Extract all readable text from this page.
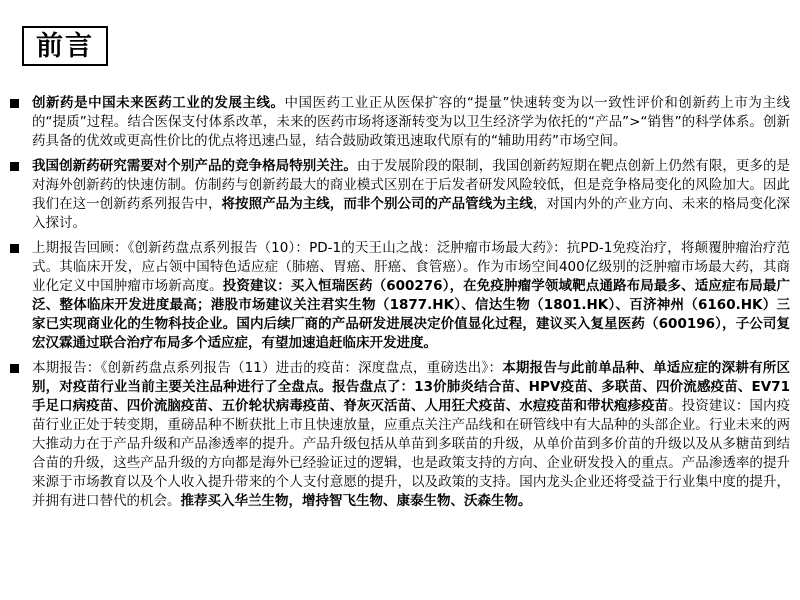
前言

创新药是中国未来医药工业的发展主线。中国医药工业正从医保扩容的“提量”快速转变为以一致性评价和创新药上市为主线的“提质”过程。结合医保支付体系改革，未来的医药市场将逐渐转变为以卫生经济学为依托的“产品”>“销售”的科学体系。创新药具备的优效或更高性价比的优点将迅速凸显，结合鼓励政策迅速取代原有的“辅助用药”市场空间。

我国创新药研究需要对个别产品的竞争格局特别关注。由于发展阶段的限制，我国创新药短期在靶点创新上仍然有限，更多的是对海外创新药的快速仿制。仿制药与创新药最大的商业模式区别在于后发者研发风险较低，但是竞争格局变化的风险加大。因此我们在这一创新药系列报告中，将按照产品为主线，而非个别公司的产品管线为主线，对国内外的产业方向、未来的格局变化深入探讨。

上期报告回顾：《创新药盘点系列报告（10）：PD-1的天王山之战：泛肿瘤市场最大药》：抗PD-1免疫治疗，将颠覆肿瘤治疗范式。其临床开发，应占领中国特色适应症（肺癌、胃癌、肝癌、食管癌）。作为市场空间400亿级别的泛肿瘤市场最大药，其商业化定义中国肿瘤市场新高度。投资建议：买入恒瑞医药（600276），在免疫肿瘤学领域靶点通路布局最多、适应症布局最广泛、整体临床开发进度最高；港股市场建议关注君实生物（1877.HK）、信达生物（1801.HK）、百济神州（6160.HK）三家已实现商业化的生物科技企业。国内后续厂商的产品研发进展决定价值显化过程，建议买入复星医药（600196），子公司复宏汉霖通过联合治疗布局多个适应症，有望加速追赶临床开发进度。

本期报告：《创新药盘点系列报告（11）进击的疫苗：深度盘点，重磅迭出》：本期报告与此前单品种、单适应症的深耕有所区别，对疫苗行业当前主要关注品种进行了全盘点。报告盘点了：13价肺炎结合苗、HPV疫苗、多联苗、四价流感疫苗、EV71手足口病疫苗、四价流脑疫苗、五价轮状病毒疫苗、脊灰灭活苗、人用狂犬疫苗、水痘疫苗和带状疱疹疫苗。投资建议：国内疫苗行业正处于转变期，重磅品种不断获批上市且快速放量，应重点关注产品线和在研管线中有大品种的头部企业。行业未来的两大推动力在于产品升级和产品渗透率的提升。产品升级包括从单苗到多联苗的升级，从单价苗到多价苗的升级以及从多糖苗到结合苗的升级，这些产品升级的方向都是海外已经验证过的逻辑，也是政策支持的方向、企业研发投入的重点。产品渗透率的提升来源于市场教育以及个人收入提升带来的个人支付意愿的提升，以及政策的支持。国内龙头企业还将受益于行业集中度的提升，并拥有进口替代的机会。推荐买入华兰生物，增持智飞生物、康泰生物、沃森生物。
